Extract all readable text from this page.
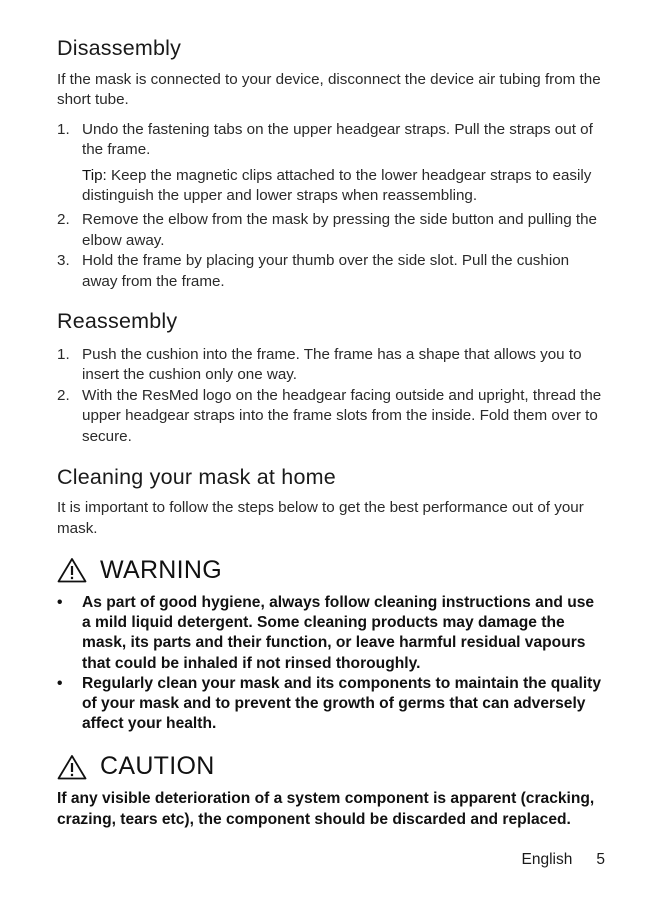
Disassembly

If the mask is connected to your device, disconnect the device air tubing from the short tube.

1. Undo the fastening tabs on the upper headgear straps. Pull the straps out of the frame.

Tip: Keep the magnetic clips attached to the lower headgear straps to easily distinguish the upper and lower straps when reassembling.

2. Remove the elbow from the mask by pressing the side button and pulling the elbow away.
3. Hold the frame by placing your thumb over the side slot. Pull the cushion away from the frame.
Reassembly
1. Push the cushion into the frame. The frame has a shape that allows you to insert the cushion only one way.
2. With the ResMed logo on the headgear facing outside and upright, thread the upper headgear straps into the frame slots from the inside. Fold them over to secure.
Cleaning your mask at home

It is important to follow the steps below to get the best performance out of your mask.

WARNING
• As part of good hygiene, always follow cleaning instructions and use a mild liquid detergent. Some cleaning products may damage the mask, its parts and their function, or leave harmful residual vapours that could be inhaled if not rinsed thoroughly.
• Regularly clean your mask and its components to maintain the quality of your mask and to prevent the growth of germs that can adversely affect your health.
CAUTION

If any visible deterioration of a system component is apparent (cracking, crazing, tears etc), the component should be discarded and replaced.

English 5
